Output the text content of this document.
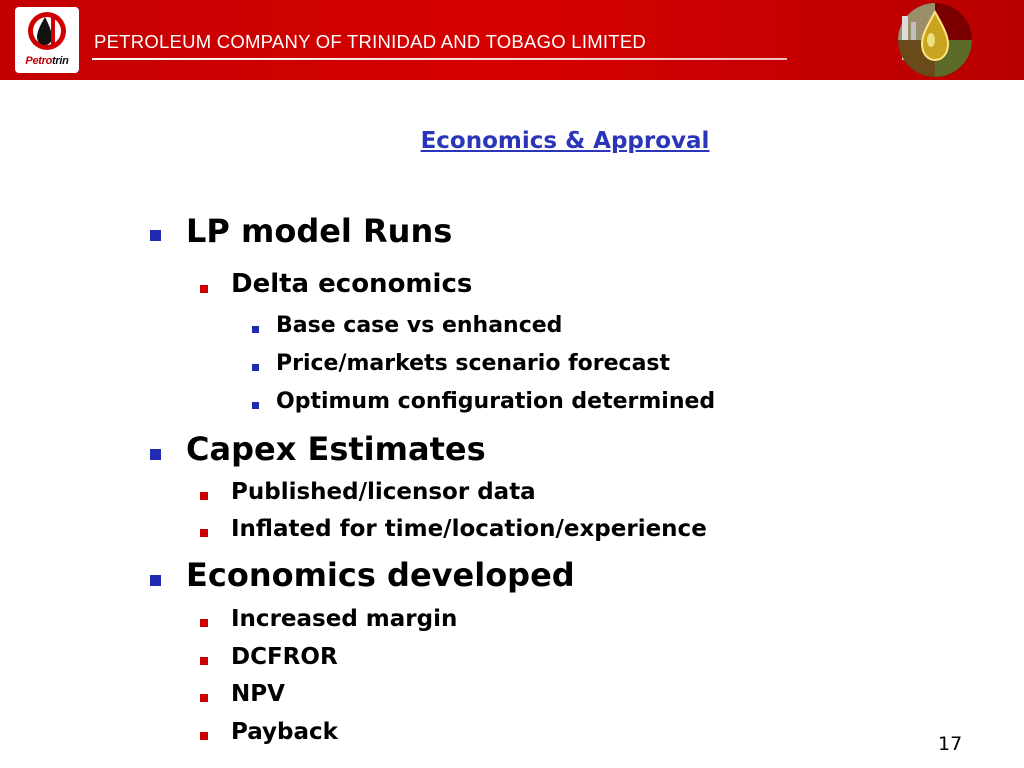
Petrotrin
PETROLEUM COMPANY OF TRINIDAD AND TOBAGO LIMITED
Economics & Approval
LP model Runs
Delta economics
Base case vs enhanced
Price/markets scenario forecast
Optimum configuration determined
Capex Estimates
Published/licensor data
Inflated for time/location/experience
Economics developed
Increased margin
DCFROR
NPV
Payback	17
